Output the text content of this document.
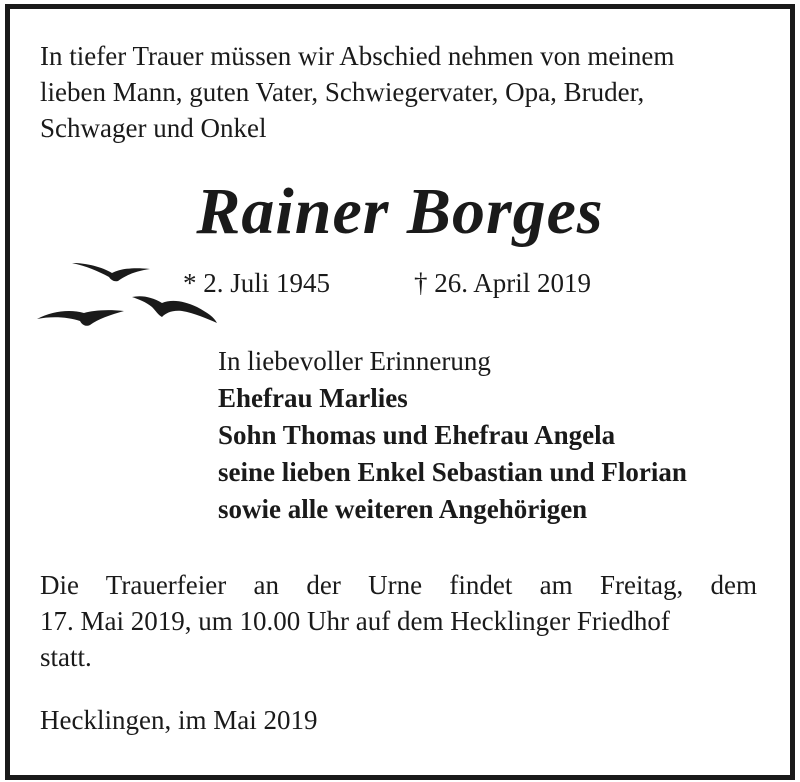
In tiefer Trauer müssen wir Abschied nehmen von meinem
lieben Mann, guten Vater, Schwiegervater, Opa, Bruder,
Schwager und Onkel
Rainer Borges
* 2. Juli 1945	† 26. April 2019
In liebevoller Erinnerung
Ehefrau Marlies
Sohn Thomas und Ehefrau Angela
seine lieben Enkel Sebastian und Florian
sowie alle weiteren Angehörigen
Die Trauerfeier an der Urne findet am Freitag, dem
17. Mai 2019, um 10.00 Uhr auf dem Hecklinger Friedhof
statt.
Hecklingen, im Mai 2019
